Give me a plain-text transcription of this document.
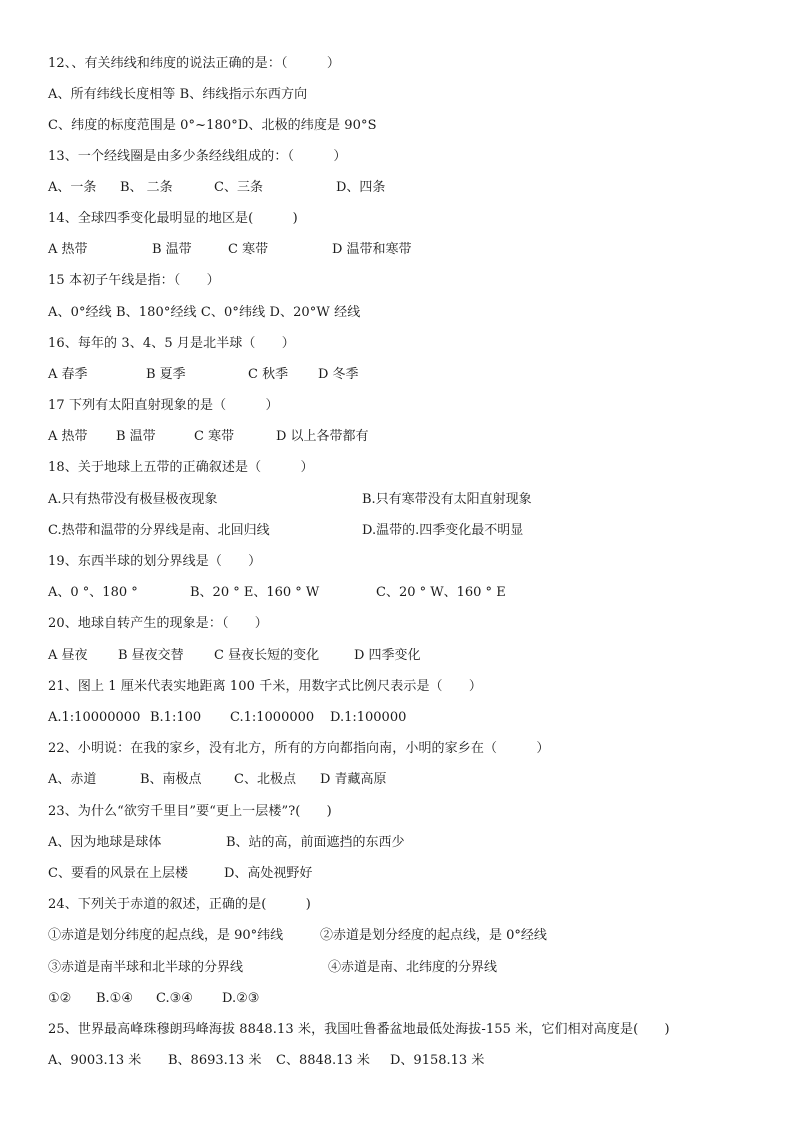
12、、有关纬线和纬度的说法正确的是：（　　　）
A、所有纬线长度相等 B、纬线指示东西方向
C、纬度的标度范围是 0°~180°D、北极的纬度是 90°S
13、一个经线圈是由多少条经线组成的：（　　　）
A、一条 B、 二条	C、三条	D、四条
14、全球四季变化最明显的地区是(　　　)
A 热带	B 温带	C 寒带	D 温带和寒带
15 本初子午线是指：（　　）
A、0°经线 B、180°经线 C、0°纬线 D、20°W 经线
16、每年的 3、4、5 月是北半球（　　）
A 春季	B 夏季	C 秋季 D 冬季
17 下列有太阳直射现象的是（　　　）
A 热带 B 温带	C 寒带	D 以上各带都有
18、关于地球上五带的正确叙述是（　　　）
A.只有热带没有极昼极夜现象	B.只有寒带没有太阳直射现象
C.热带和温带的分界线是南、北回归线	D.温带的.四季变化最不明显
19、东西半球的划分界线是（　　）
A、0 °、180 °	B、20 ° E、160 ° W	C、20 ° W、160 ° E
20、地球自转产生的现象是：（　　）
A 昼夜 B 昼夜交替 C 昼夜长短的变化	D 四季变化
21、图上 1 厘米代表实地距离 100 千米，用数字式比例尺表示是（　　）
A.1:10000000 B.1:100 C.1:1000000 D.1:100000
22、小明说：在我的家乡，没有北方，所有的方向都指向南，小明的家乡在（　　　）
A、赤道	B、南极点 C、北极点 D 青藏高原
23、为什么“欲穷千里目”要“更上一层楼”?(　　)
A、因为地球是球体	B、站的高，前面遮挡的东西少
C、要看的风景在上层楼	D、高处视野好
24、下列关于赤道的叙述，正确的是(　　　)
①赤道是划分纬度的起点线，是 90°纬线	②赤道是划分经度的起点线，是 0°经线
③赤道是南半球和北半球的分界线	④赤道是南、北纬度的分界线
①② B.①④ C.③④ D.②③
25、世界最高峰珠穆朗玛峰海拔 8848.13 米，我国吐鲁番盆地最低处海拔-155 米，它们相对高度是(　　)
A、9003.13 米 B、8693.13 米 C、8848.13 米 D、9158.13 米
